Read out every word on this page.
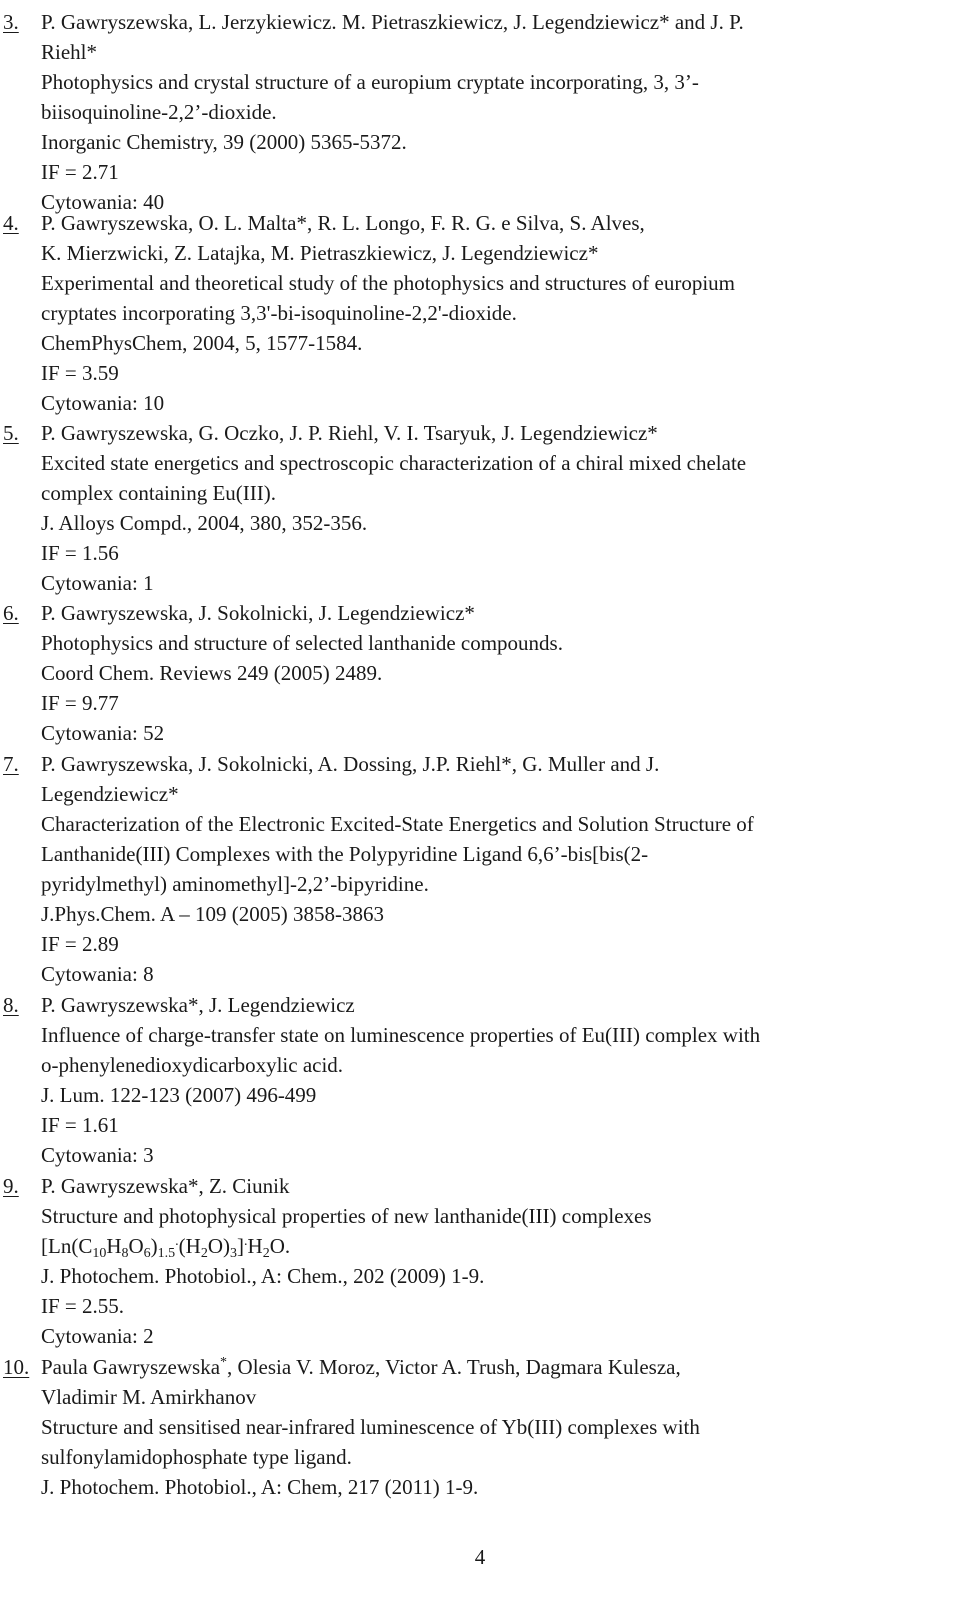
3. P. Gawryszewska, L. Jerzykiewicz. M. Pietraszkiewicz, J. Legendziewicz* and J. P.
Riehl*
Photophysics and crystal structure of a europium cryptate incorporating, 3, 3’-
biisoquinoline-2,2’-dioxide.
Inorganic Chemistry, 39 (2000) 5365-5372.
IF = 2.71
Cytowania: 40
4. P. Gawryszewska, O. L. Malta*, R. L. Longo, F. R. G. e Silva, S. Alves,
K. Mierzwicki, Z. Latajka, M. Pietraszkiewicz, J. Legendziewicz*
Experimental and theoretical study of the photophysics and structures of europium
cryptates incorporating 3,3'-bi-isoquinoline-2,2'-dioxide.
ChemPhysChem, 2004, 5, 1577-1584.
IF = 3.59
Cytowania: 10
5. P. Gawryszewska, G. Oczko, J. P. Riehl, V. I. Tsaryuk, J. Legendziewicz*
Excited state energetics and spectroscopic characterization of a chiral mixed chelate
complex containing Eu(III).
J. Alloys Compd., 2004, 380, 352-356.
IF = 1.56
Cytowania: 1
6. P. Gawryszewska, J. Sokolnicki, J. Legendziewicz*
Photophysics and structure of selected lanthanide compounds.
Coord Chem. Reviews 249 (2005) 2489.
IF = 9.77
Cytowania: 52
7. P. Gawryszewska, J. Sokolnicki, A. Dossing, J.P. Riehl*, G. Muller and J.
Legendziewicz*
Characterization of the Electronic Excited-State Energetics and Solution Structure of
Lanthanide(III) Complexes with the Polypyridine Ligand 6,6’-bis[bis(2-
pyridylmethyl) aminomethyl]-2,2’-bipyridine.
J.Phys.Chem. A – 109 (2005) 3858-3863
IF = 2.89
Cytowania: 8
8. P. Gawryszewska*, J. Legendziewicz
Influence of charge-transfer state on luminescence properties of Eu(III) complex with
o-phenylenedioxydicarboxylic acid.
J. Lum. 122-123 (2007) 496-499
IF = 1.61
Cytowania: 3
9. P. Gawryszewska*, Z. Ciunik
Structure and photophysical properties of new lanthanide(III) complexes
$[Ln(C_{10}H_8O_6)_{1.5}^.(H_2O)_3]^.H_2O$.
J. Photochem. Photobiol., A: Chem., 202 (2009) 1-9.
IF = 2.55.
Cytowania: 2
10. Paula Gawryszewska*, Olesia V. Moroz, Victor A. Trush, Dagmara Kulesza,
Vladimir M. Amirkhanov
Structure and sensitised near-infrared luminescence of Yb(III) complexes with
sulfonylamidophosphate type ligand.
J. Photochem. Photobiol., A: Chem, 217 (2011) 1-9.
4
